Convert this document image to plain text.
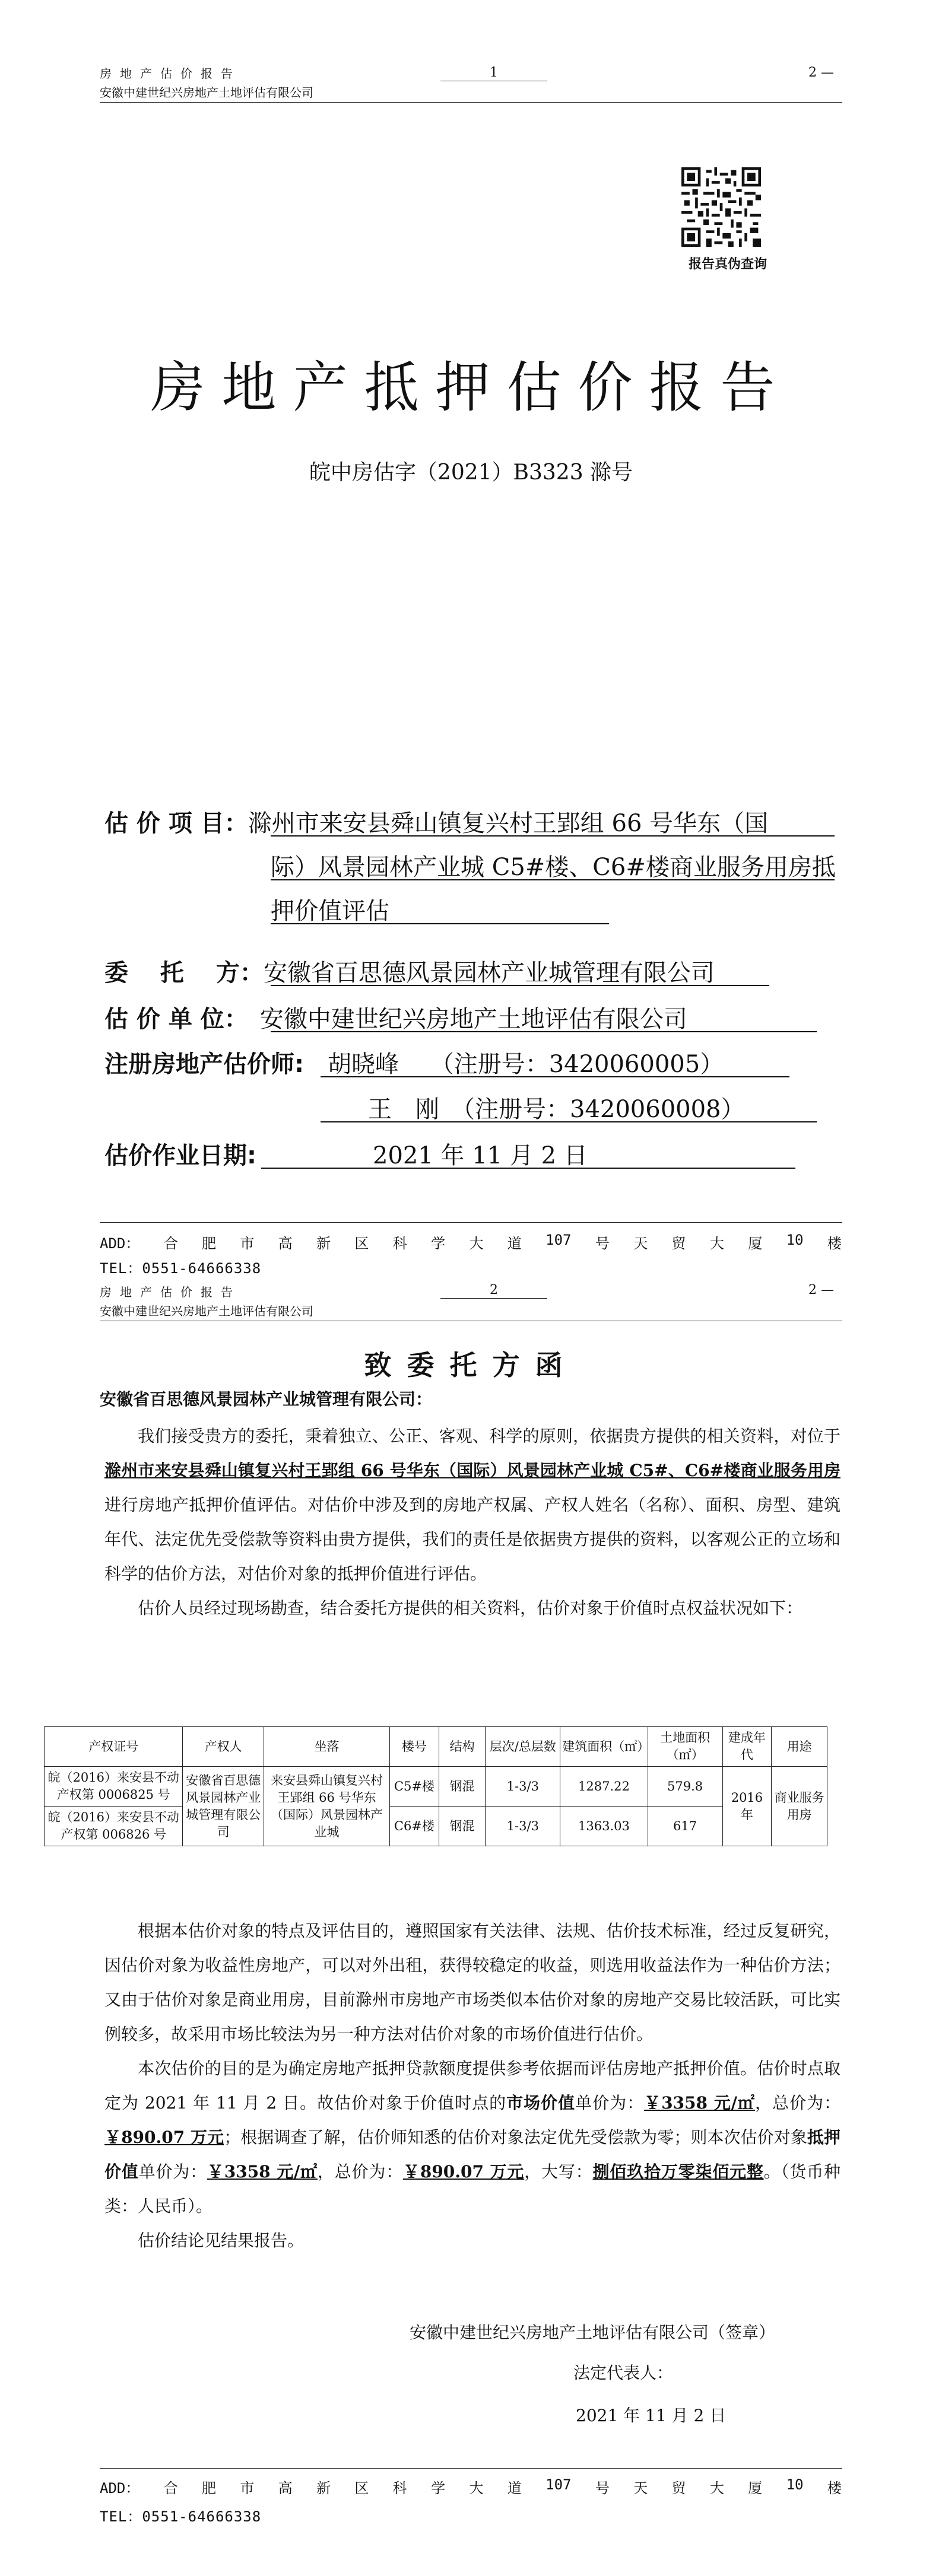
房地产估价报告
安徽中建世纪兴房地产土地评估有限公司
1	2 —
报告真伪查询
房地产抵押估价报告
皖中房估字（2021）B3323 滁号
估 价 项 目：滁州市来安县舜山镇复兴村王郢组 66 号华东（国
际）风景园林产业城 C5#楼、C6#楼商业服务用房抵
押价值评估
委　 托　 方：安徽省百思德风景园林产业城管理有限公司
估 价 单 位： 安徽中建世纪兴房地产土地评估有限公司
注册房地产估价师: 胡晓峰　 （注册号：3420060005）
王　刚　（注册号：3420060008）
估价作业日期:	2021 年 11 月 2 日
ADD： 合 肥 市 高 新 区 科 学 大 道 107 号 天 贸 大 厦 10 楼
TEL：0551-64666338
房地产估价报告
安徽中建世纪兴房地产土地评估有限公司
2	2 —
致委托方函
安徽省百思德风景园林产业城管理有限公司：

我们接受贵方的委托，秉着独立、公正、客观、科学的原则，依据贵方提供的相关资料，对位于滁州市来安县舜山镇复兴村王郢组 66 号华东（国际）风景园林产业城 C5#、C6#楼商业服务用房进行房地产抵押价值评估。对估价中涉及到的房地产权属、产权人姓名（名称）、面积、房型、建筑年代、法定优先受偿款等资料由贵方提供，我们的责任是依据贵方提供的资料，以客观公正的立场和科学的估价方法，对估价对象的抵押价值进行评估。

估价人员经过现场勘查，结合委托方提供的相关资料，估价对象于价值时点权益状况如下：

产权证号	产权人	坐落	楼号	结构	层次/总层数	建筑面积（㎡）	土地面积（㎡）	建成年代	用途
皖（2016）来安县不动产权第 0006825 号	安徽省百思德风景园林产业城管理有限公司	来安县舜山镇复兴村王郢组 66 号华东（国际）风景园林产业城	C5#楼	钢混	1-3/3	1287.22	579.8	2016 年	商业服务用房
皖（2016）来安县不动产权第 006826 号			C6#楼	钢混	1-3/3	1363.03	617		

根据本估价对象的特点及评估目的，遵照国家有关法律、法规、估价技术标准，经过反复研究，因估价对象为收益性房地产，可以对外出租，获得较稳定的收益，则选用收益法作为一种估价方法；又由于估价对象是商业用房，目前滁州市房地产市场类似本估价对象的房地产交易比较活跃，可比实例较多，故采用市场比较法为另一种方法对估价对象的市场价值进行估价。

本次估价的目的是为确定房地产抵押贷款额度提供参考依据而评估房地产抵押价值。估价时点取定为 2021 年 11 月 2 日。故估价对象于价值时点的市场价值单价为：￥3358 元/㎡，总价为：￥890.07 万元；根据调查了解，估价师知悉的估价对象法定优先受偿款为零；则本次估价对象抵押价值单价为：￥3358 元/㎡，总价为：￥890.07 万元，大写：捌佰玖拾万零柒佰元整。（货币种类：人民币）。

估价结论见结果报告。

安徽中建世纪兴房地产土地评估有限公司（签章）
法定代表人：
2021 年 11 月 2 日
ADD： 合 肥 市 高 新 区 科 学 大 道 107 号 天 贸 大 厦 10 楼
TEL：0551-64666338
